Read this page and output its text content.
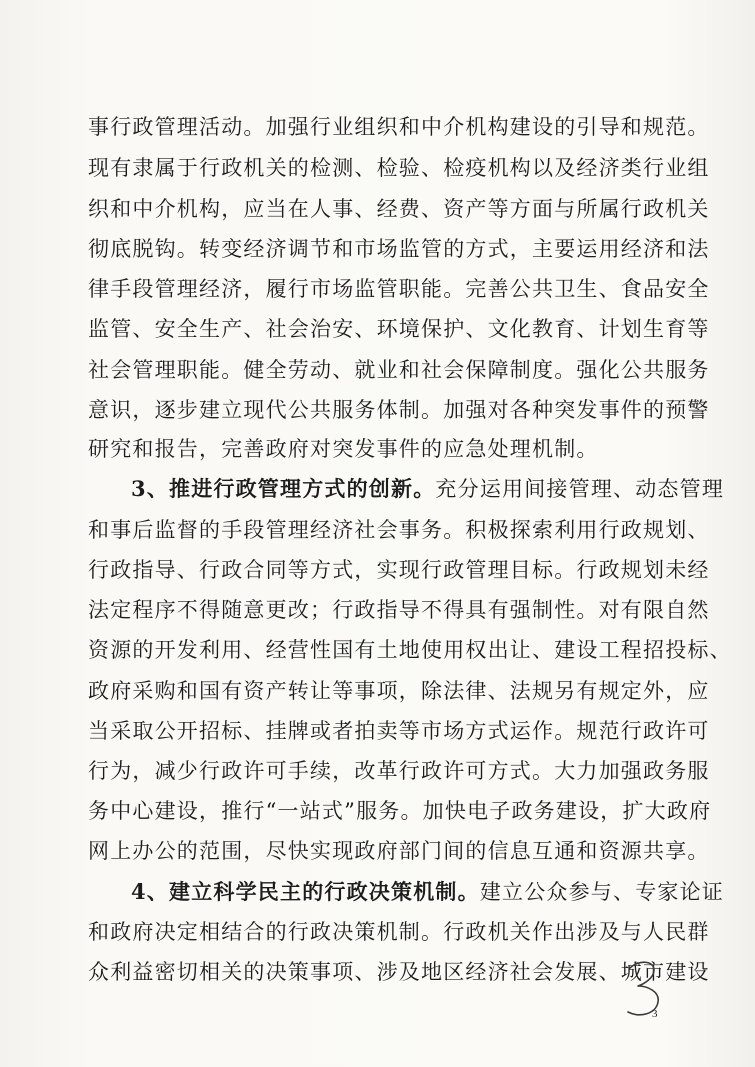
事行政管理活动。加强行业组织和中介机构建设的引导和规范。
现有隶属于行政机关的检测、检验、检疫机构以及经济类行业组
织和中介机构，应当在人事、经费、资产等方面与所属行政机关
彻底脱钩。转变经济调节和市场监管的方式，主要运用经济和法
律手段管理经济，履行市场监管职能。完善公共卫生、食品安全
监管、安全生产、社会治安、环境保护、文化教育、计划生育等
社会管理职能。健全劳动、就业和社会保障制度。强化公共服务
意识，逐步建立现代公共服务体制。加强对各种突发事件的预警
研究和报告，完善政府对突发事件的应急处理机制。
3、推进行政管理方式的创新。充分运用间接管理、动态管理
和事后监督的手段管理经济社会事务。积极探索利用行政规划、
行政指导、行政合同等方式，实现行政管理目标。行政规划未经
法定程序不得随意更改；行政指导不得具有强制性。对有限自然
资源的开发利用、经营性国有土地使用权出让、建设工程招投标、
政府采购和国有资产转让等事项，除法律、法规另有规定外，应
当采取公开招标、挂牌或者拍卖等市场方式运作。规范行政许可
行为，减少行政许可手续，改革行政许可方式。大力加强政务服
务中心建设，推行“一站式”服务。加快电子政务建设，扩大政府
网上办公的范围，尽快实现政府部门间的信息互通和资源共享。
4、建立科学民主的行政决策机制。建立公众参与、专家论证
和政府决定相结合的行政决策机制。行政机关作出涉及与人民群
众利益密切相关的决策事项、涉及地区经济社会发展、城市建设
3
